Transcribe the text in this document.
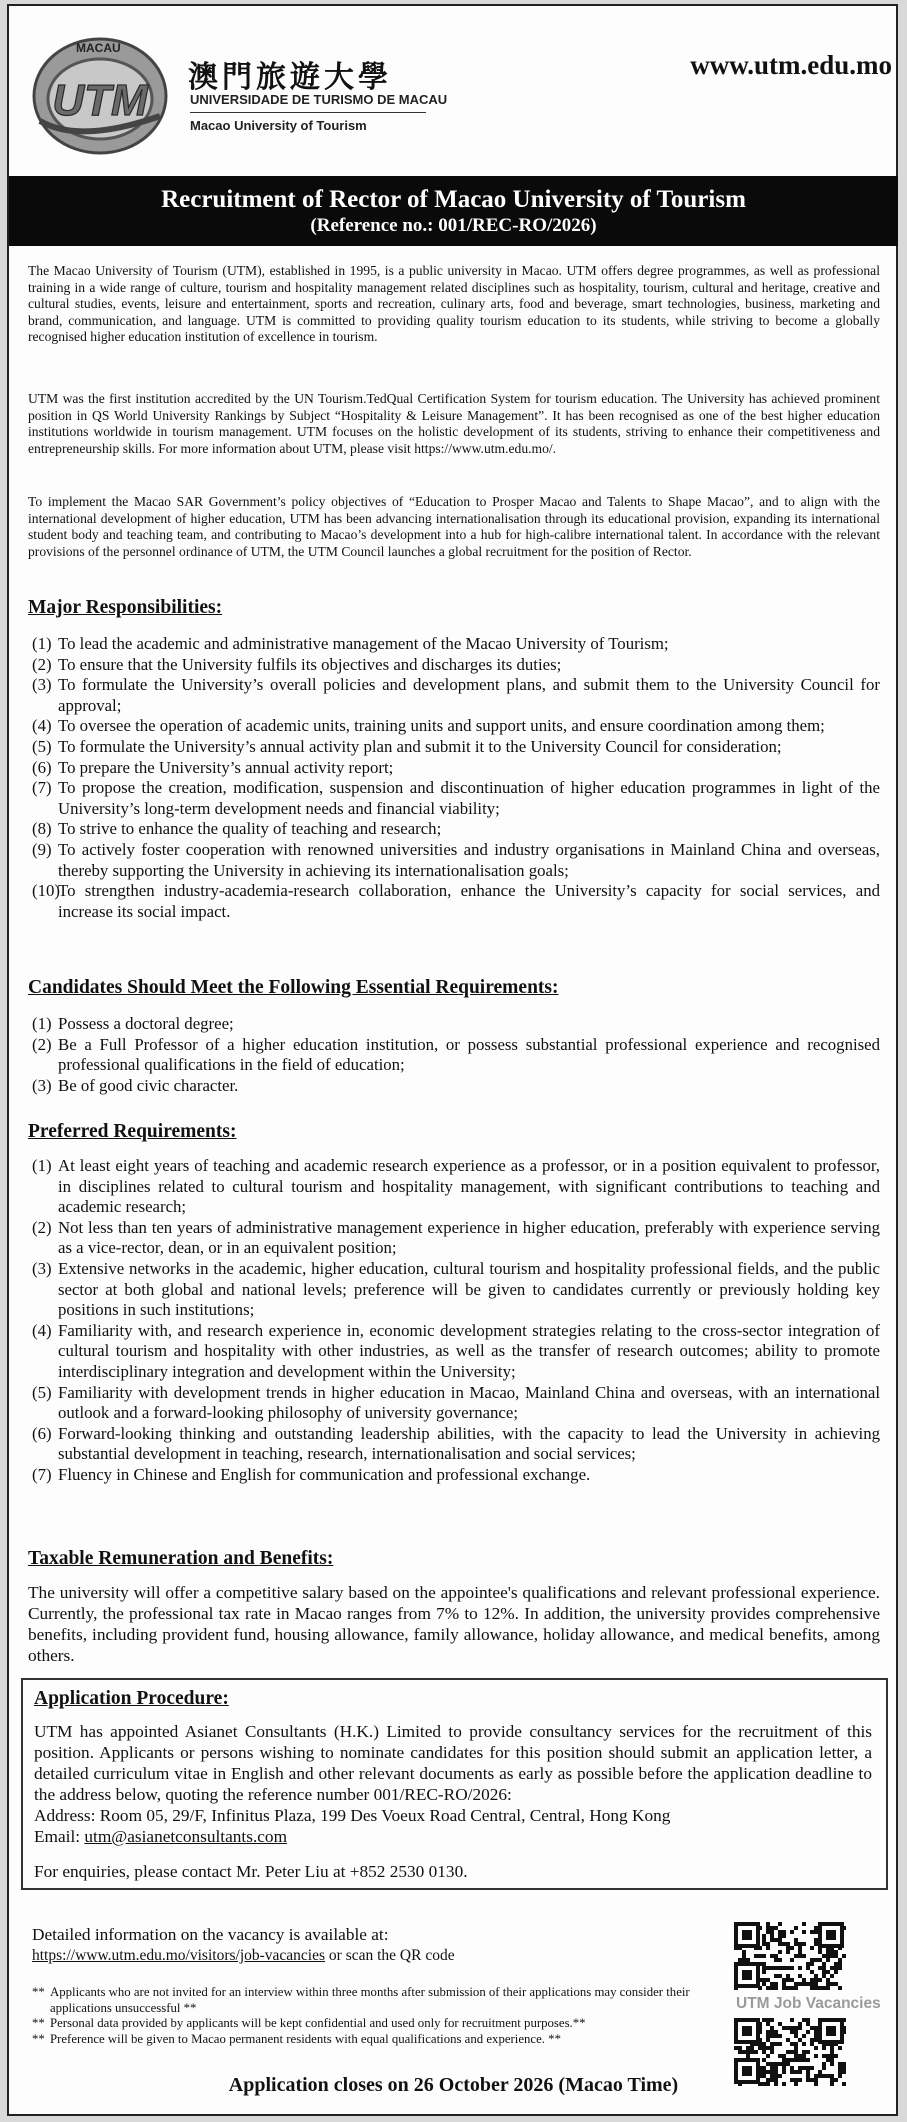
UTM
MACAU
澳門旅遊大學
UNIVERSIDADE DE TURISMO DE MACAU
Macao University of Tourism
www.utm.edu.mo
Recruitment of Rector of Macao University of Tourism
(Reference no.: 001/REC-RO/2026)

The Macao University of Tourism (UTM), established in 1995, is a public university in Macao. UTM offers degree programmes, as well as professional training in a wide range of culture, tourism and hospitality management related disciplines such as hospitality, tourism, cultural and heritage, creative and cultural studies, events, leisure and entertainment, sports and recreation, culinary arts, food and beverage, smart technologies, business, marketing and brand, communication, and language. UTM is committed to providing quality tourism education to its students, while striving to become a globally recognised higher education institution of excellence in tourism.

UTM was the first institution accredited by the UN Tourism.TedQual Certification System for tourism education. The University has achieved prominent position in QS World University Rankings by Subject “Hospitality & Leisure Management”. It has been recognised as one of the best higher education institutions worldwide in tourism management. UTM focuses on the holistic development of its students, striving to enhance their competitiveness and entrepreneurship skills. For more information about UTM, please visit https://www.utm.edu.mo/.

To implement the Macao SAR Government’s policy objectives of “Education to Prosper Macao and Talents to Shape Macao”, and to align with the international development of higher education, UTM has been advancing internationalisation through its educational provision, expanding its international student body and teaching team, and contributing to Macao’s development into a hub for high-calibre international talent. In accordance with the relevant provisions of the personnel ordinance of UTM, the UTM Council launches a global recruitment for the position of Rector.

Major Responsibilities:
(1) To lead the academic and administrative management of the Macao University of Tourism;
(2) To ensure that the University fulfils its objectives and discharges its duties;
(3) To formulate the University’s overall policies and development plans, and submit them to the University Council for approval;
(4) To oversee the operation of academic units, training units and support units, and ensure coordination among them;
(5) To formulate the University’s annual activity plan and submit it to the University Council for consideration;
(6) To prepare the University’s annual activity report;
(7) To propose the creation, modification, suspension and discontinuation of higher education programmes in light of the University’s long-term development needs and financial viability;
(8) To strive to enhance the quality of teaching and research;
(9) To actively foster cooperation with renowned universities and industry organisations in Mainland China and overseas, thereby supporting the University in achieving its internationalisation goals;
(10)
To strengthen industry-academia-research collaboration, enhance the University’s capacity for social services, and increase its social impact.
Candidates Should Meet the Following Essential Requirements:
(1) Possess a doctoral degree;
(2) Be a Full Professor of a higher education institution, or possess substantial professional experience and recognised professional qualifications in the field of education;
(3) Be of good civic character.
Preferred Requirements:
(1) At least eight years of teaching and academic research experience as a professor, or in a position equivalent to professor, in disciplines related to cultural tourism and hospitality management, with significant contributions to teaching and academic research;
(2) Not less than ten years of administrative management experience in higher education, preferably with experience serving as a vice-rector, dean, or in an equivalent position;
(3) Extensive networks in the academic, higher education, cultural tourism and hospitality professional fields, and the public sector at both global and national levels; preference will be given to candidates currently or previously holding key positions in such institutions;
(4) Familiarity with, and research experience in, economic development strategies relating to the cross-sector integration of cultural tourism and hospitality with other industries, as well as the transfer of research outcomes; ability to promote interdisciplinary integration and development within the University;
(5) Familiarity with development trends in higher education in Macao, Mainland China and overseas, with an international outlook and a forward-looking philosophy of university governance;
(6) Forward-looking thinking and outstanding leadership abilities, with the capacity to lead the University in achieving substantial development in teaching, research, internationalisation and social services;
(7) Fluency in Chinese and English for communication and professional exchange.
Taxable Remuneration and Benefits:

The university will offer a competitive salary based on the appointee's qualifications and relevant professional experience. Currently, the professional tax rate in Macao ranges from 7% to 12%. In addition, the university provides comprehensive benefits, including provident fund, housing allowance, family allowance, holiday allowance, and medical benefits, among others.

Application Procedure:

UTM has appointed Asianet Consultants (H.K.) Limited to provide consultancy services for the recruitment of this position. Applicants or persons wishing to nominate candidates for this position should submit an application letter, a detailed curriculum vitae in English and other relevant documents as early as possible before the application deadline to the address below, quoting the reference number 001/REC-RO/2026:

Address: Room 05, 29/F, Infinitus Plaza, 199 Des Voeux Road Central, Central, Hong Kong

Email: utm@asianetconsultants.com

For enquiries, please contact Mr. Peter Liu at +852 2530 0130.

Detailed information on the vacancy is available at:

https://www.utm.edu.mo/visitors/job-vacancies or scan the QR code

** Applicants who are not invited for an interview within three months after submission of their applications may consider their applications unsuccessful **
** Personal data provided by applicants will be kept confidential and used only for recruitment purposes.**
** Preference will be given to Macao permanent residents with equal qualifications and experience. **
UTM Job Vacancies
Application closes on 26 October 2026 (Macao Time)
